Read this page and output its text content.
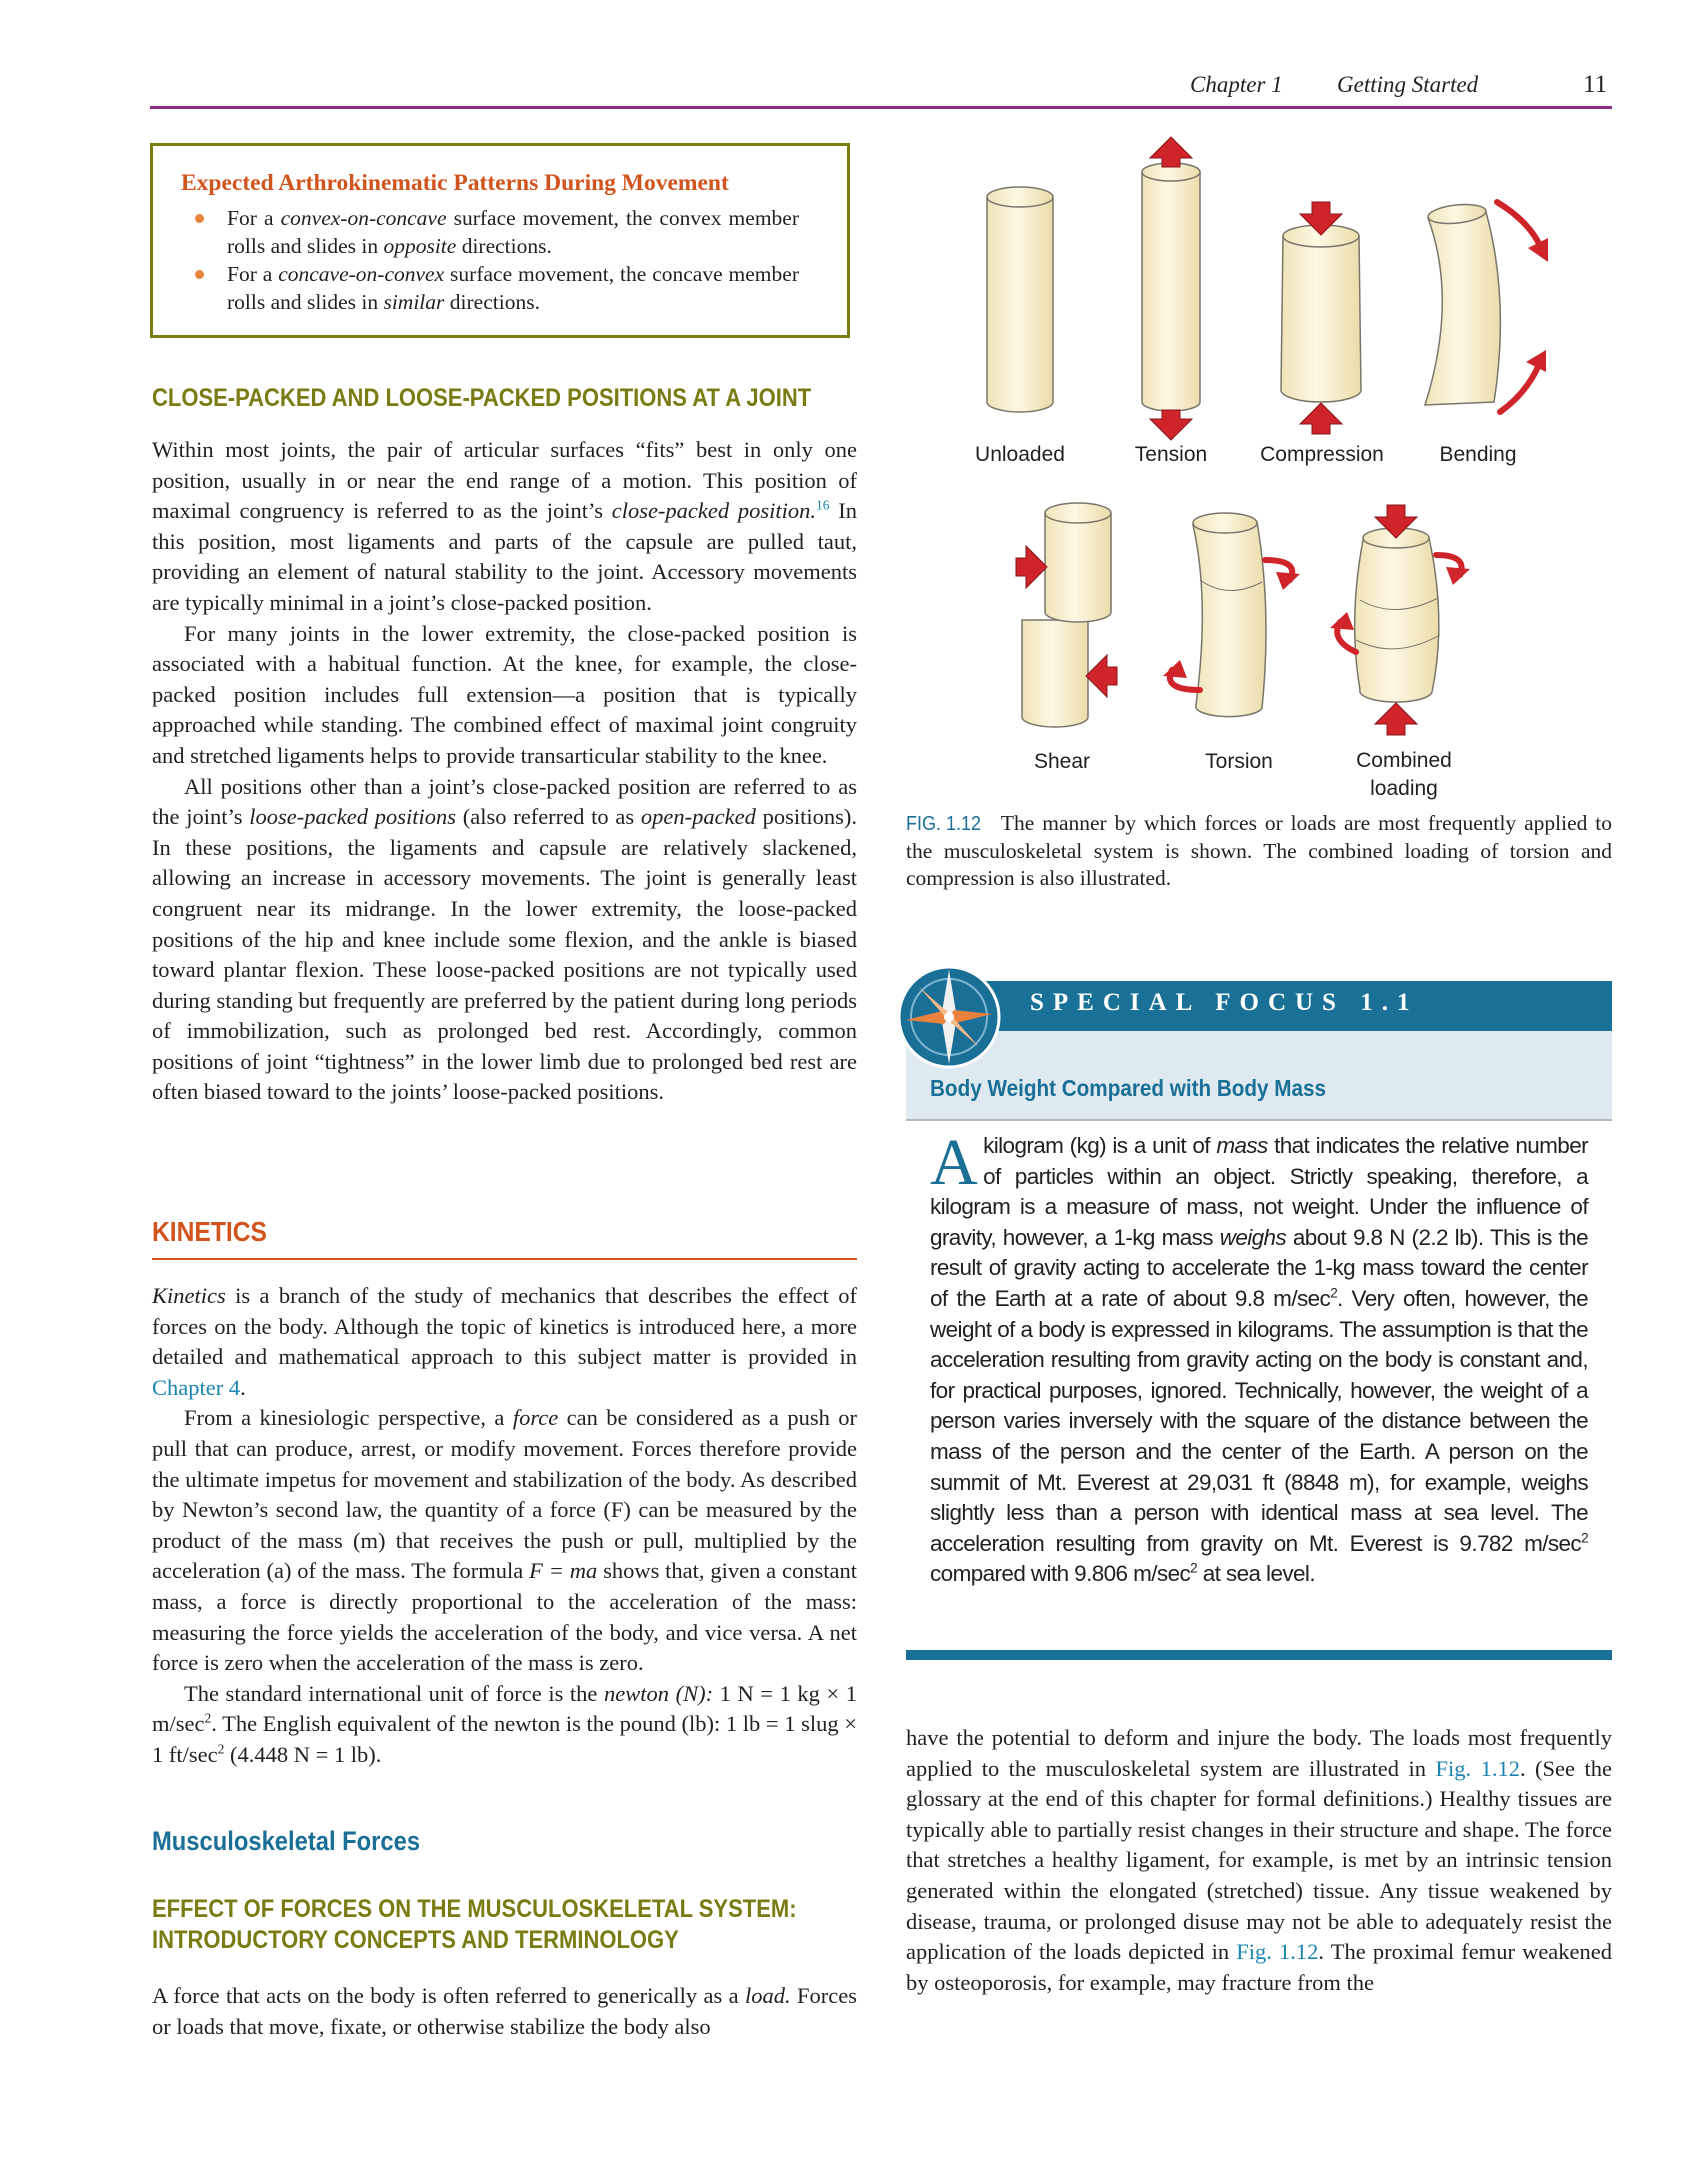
Chapter 1 Getting Started	11
Expected Arthrokinematic Patterns During Movement
For a convex-on-concave surface movement, the convex member rolls and slides in opposite directions.
For a concave-on-convex surface movement, the concave member rolls and slides in similar directions.
CLOSE-PACKED AND LOOSE-PACKED POSITIONS AT A JOINT

Within most joints, the pair of articular surfaces “fits” best in only one position, usually in or near the end range of a motion. This position of maximal congruency is referred to as the joint’s close-packed position.$^{16}$ In this position, most ligaments and parts of the capsule are pulled taut, providing an element of natural stability to the joint. Accessory movements are typically minimal in a joint’s close-packed position.

For many joints in the lower extremity, the close-packed position is associated with a habitual function. At the knee, for example, the close-packed position includes full extension—a position that is typically approached while standing. The combined effect of maximal joint congruity and stretched ligaments helps to provide transarticular stability to the knee.

All positions other than a joint’s close-packed position are referred to as the joint’s loose-packed positions (also referred to as open-packed positions). In these positions, the ligaments and capsule are relatively slackened, allowing an increase in accessory movements. The joint is generally least congruent near its midrange. In the lower extremity, the loose-packed positions of the hip and knee include some flexion, and the ankle is biased toward plantar flexion. These loose-packed positions are not typically used during standing but frequently are preferred by the patient during long periods of immobilization, such as prolonged bed rest. Accordingly, common positions of joint “tightness” in the lower limb due to prolonged bed rest are often biased toward to the joints’ loose-packed positions.

KINETICS

Kinetics is a branch of the study of mechanics that describes the effect of forces on the body. Although the topic of kinetics is introduced here, a more detailed and mathematical approach to this subject matter is provided in Chapter 4.

From a kinesiologic perspective, a force can be considered as a push or pull that can produce, arrest, or modify movement. Forces therefore provide the ultimate impetus for movement and stabilization of the body. As described by Newton’s second law, the quantity of a force (F) can be measured by the product of the mass (m) that receives the push or pull, multiplied by the acceleration (a) of the mass. The formula F = ma shows that, given a constant mass, a force is directly proportional to the acceleration of the mass: measuring the force yields the acceleration of the body, and vice versa. A net force is zero when the acceleration of the mass is zero.

The standard international unit of force is the newton (N): 1 N = 1 kg × 1 $m/\sec^2$. The English equivalent of the newton is the pound (lb): 1 lb = 1 slug × 1 $ft/\sec^2$ (4.448 N = 1 lb).

Musculoskeletal Forces
EFFECT OF FORCES ON THE MUSCULOSKELETAL SYSTEM:
INTRODUCTORY CONCEPTS AND TERMINOLOGY

A force that acts on the body is often referred to generically as a load. Forces or loads that move, fixate, or otherwise stabilize the body also

Unloaded	Tension	Compression	Bending
Shear	Torsion	Combined
loading
FIG. 1.12 The manner by which forces or loads are most frequently applied to the musculoskeletal system is shown. The combined loading of torsion and compression is also illustrated.
SPECIAL FOCUS 1.1
Body Weight Compared with Body Mass
A kilogram (kg) is a unit of mass that indicates the relative number of particles within an object. Strictly speaking, therefore, a kilogram is a measure of mass, not weight. Under the influence of gravity, however, a 1-kg mass weighs about 9.8 N (2.2 lb). This is the result of gravity acting to accelerate the 1-kg mass toward the center of the Earth at a rate of about 9.8 $m/\sec^2$. Very often, however, the weight of a body is expressed in kilograms. The assumption is that the acceleration resulting from gravity acting on the body is constant and, for practical purposes, ignored. Technically, however, the weight of a person varies inversely with the square of the distance between the mass of the person and the center of the Earth. A person on the summit of Mt. Everest at 29,031 ft (8848 m), for example, weighs slightly less than a person with identical mass at sea level. The acceleration resulting from gravity on Mt. Everest is 9.782 $m/\sec^2$ compared with 9.806 $m/\sec^2$ at sea level.

have the potential to deform and injure the body. The loads most frequently applied to the musculoskeletal system are illustrated in Fig. 1.12. (See the glossary at the end of this chapter for formal definitions.) Healthy tissues are typically able to partially resist changes in their structure and shape. The force that stretches a healthy ligament, for example, is met by an intrinsic tension generated within the elongated (stretched) tissue. Any tissue weakened by disease, trauma, or prolonged disuse may not be able to adequately resist the application of the loads depicted in Fig. 1.12. The proximal femur weakened by osteoporosis, for example, may fracture from the
